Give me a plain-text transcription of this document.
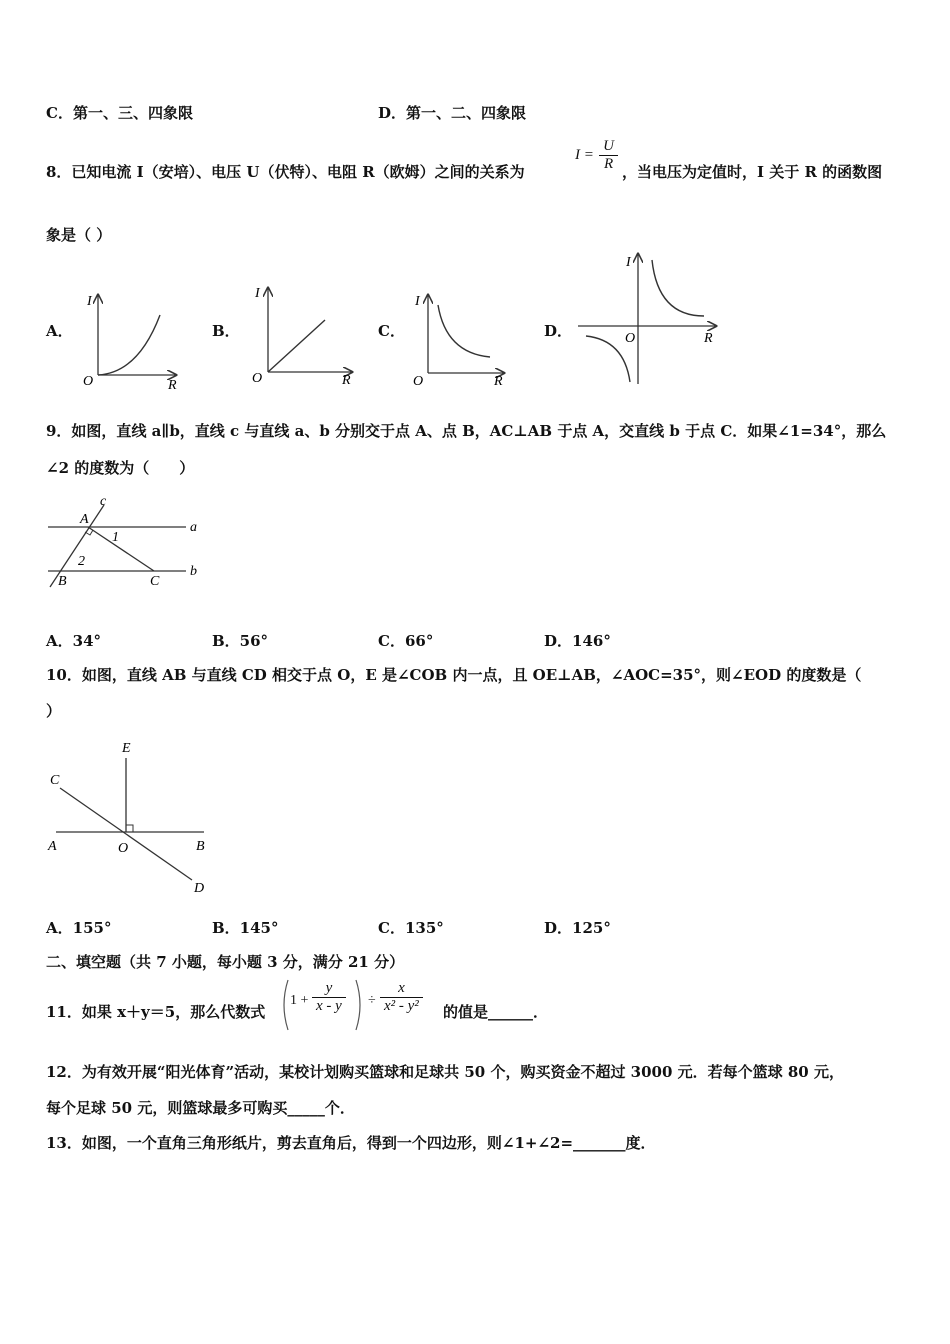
C．第一、三、四象限	D．第一、二、四象限
8．已知电流 I（安培）、电压 U（伏特）、电阻 R（欧姆）之间的关系为
$I = \frac{U}{R}$ ，当电压为定值时，I 关于 R 的函数图
象是（ ）
A．	B．	C．	D．
I
R
O
I
R
O
I
R
O
I
R
O
9．如图，直线 a∥b，直线 c 与直线 a、b 分别交于点 A、点 B，AC⊥AB 于点 A，交直线 b 于点 C．如果∠1=34°，那么
∠2 的度数为（　　）
c
A
a
1
2
B	C
b
A．34°	B．56°	C．66°	D．146°
10．如图，直线 AB 与直线 CD 相交于点 O，E 是∠COB 内一点，且 OE⊥AB，∠AOC=35°，则∠EOD 的度数是（
）
E
C
A	O	B
D
A．155°	B．145°	C．135°	D．125°
二、填空题（共 7 小题，每小题 3 分，满分 21 分）
11．如果 x＋y＝5，那么代数式
$1 + \frac{y}{x - y} \div \frac{x}{\text{x² - y²}}$ 的值是______．
12．为有效开展“阳光体育”活动，某校计划购买篮球和足球共 50 个，购买资金不超过 3000 元．若每个篮球 80 元，
每个足球 50 元，则篮球最多可购买_____个．
13．如图，一个直角三角形纸片，剪去直角后，得到一个四边形，则∠1+∠2=_______度．
